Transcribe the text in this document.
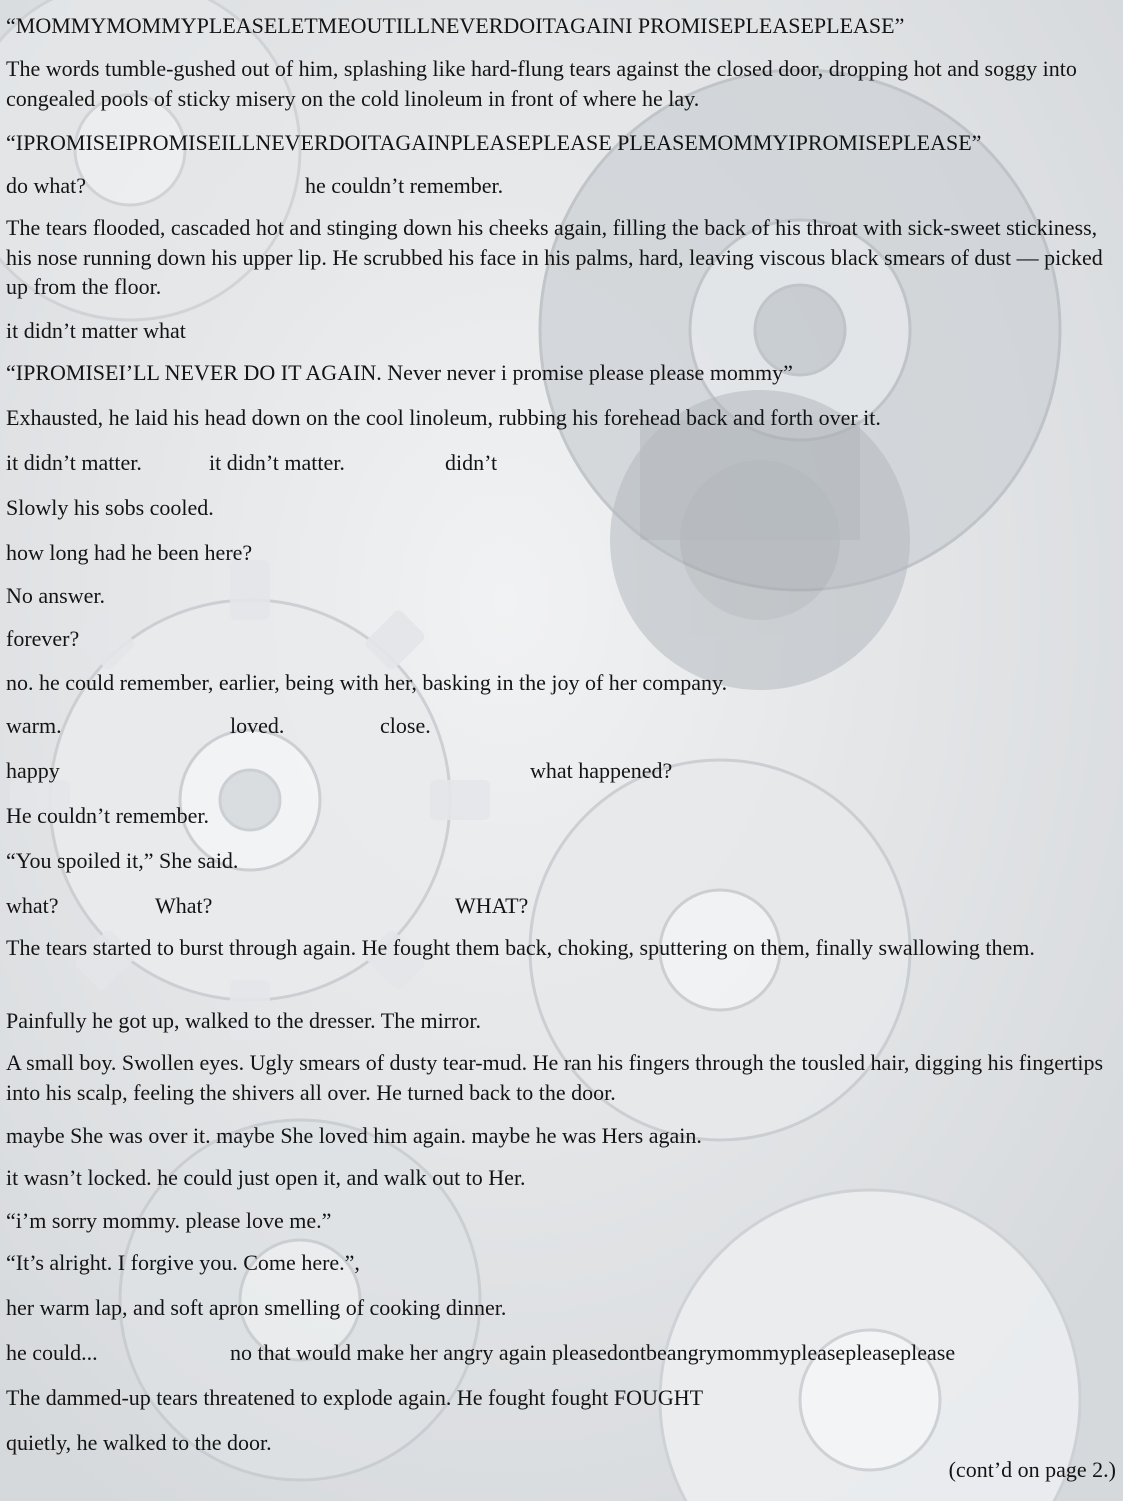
“MOMMYMOMMYPLEASELETMEOUTILLNEVERDOITAGAINI PROMISEPLEASEPLEASE”

The words tumble-gushed out of him, splashing like hard-flung tears against the closed door, dropping hot and soggy into congealed pools of sticky misery on the cold linoleum in front of where he lay.

“IPROMISEIPROMISEILLNEVERDOITAGAINPLEASEPLEASE PLEASEMOMMYIPROMISEPLEASE”

do what?	he couldn’t remember.

The tears flooded, cascaded hot and stinging down his cheeks again, filling the back of his throat with sick-sweet stickiness, his nose running down his upper lip. He scrubbed his face in his palms, hard, leaving viscous black smears of dust — picked up from the floor.

it didn’t matter what

“IPROMISEI’LL NEVER DO IT AGAIN. Never never i promise please please mommy”

Exhausted, he laid his head down on the cool linoleum, rubbing his forehead back and forth over it.

it didn’t matter.	it didn’t matter.	didn’t

Slowly his sobs cooled.

how long had he been here?

No answer.

forever?

no. he could remember, earlier, being with her, basking in the joy of her company.

warm.	loved.	close.
happy	what happened?

He couldn’t remember.

“You spoiled it,” She said.

what?	What?	WHAT?

The tears started to burst through again. He fought them back, choking, sputtering on them, finally swallowing them.

Painfully he got up, walked to the dresser. The mirror.

A small boy. Swollen eyes. Ugly smears of dusty tear-mud. He ran his fingers through the tousled hair, digging his fingertips into his scalp, feeling the shivers all over. He turned back to the door.

maybe She was over it. maybe She loved him again. maybe he was Hers again.

it wasn’t locked. he could just open it, and walk out to Her.

“i’m sorry mommy. please love me.”

“It’s alright. I forgive you. Come here.”,

her warm lap, and soft apron smelling of cooking dinner.

he could...	no that would make her angry again pleasedontbeangrymommypleasepleaseplease

The dammed-up tears threatened to explode again. He fought fought FOUGHT

quietly, he walked to the door.

(cont’d on page 2.)
